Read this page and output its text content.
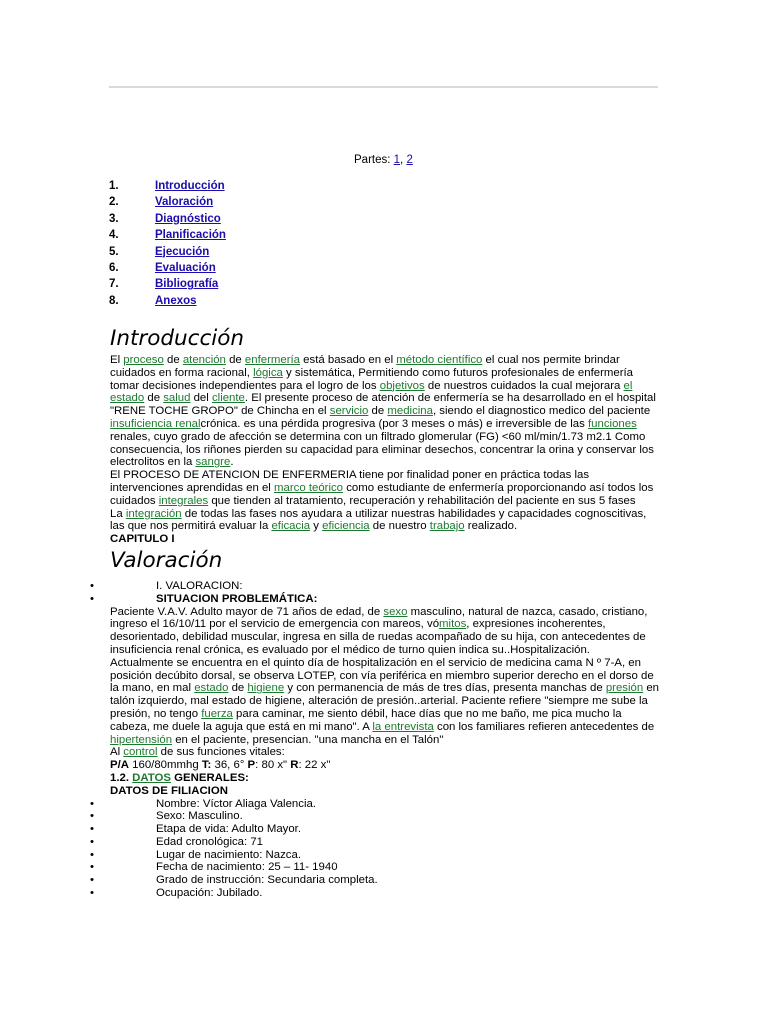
Partes: 1, 2
1.	Introducción
2.	Valoración
3.	Diagnóstico
4.	Planificación
5.	Ejecución
6.	Evaluación
7.	Bibliografía
8.	Anexos
Introducción

El proceso de atención de enfermería está basado en el método científico el cual nos permite brindar cuidados en forma racional, lógica y sistemática, Permitiendo como futuros profesionales de enfermería tomar decisiones independientes para el logro de los objetivos de nuestros cuidados la cual mejorara el estado de salud del cliente. El presente proceso de atención de enfermería se ha desarrollado en el hospital "RENE TOCHE GROPO" de Chincha en el servicio de medicina, siendo el diagnostico medico del paciente insuficiencia renalcrónica. es una pérdida progresiva (por 3 meses o más) e irreversible de las funciones renales, cuyo grado de afección se determina con un filtrado glomerular (FG) <60 ml/min/1.73 m2.1 Como consecuencia, los riñones pierden su capacidad para eliminar desechos, concentrar la orina y conservar los electrolitos en la sangre.

El PROCESO DE ATENCION DE ENFERMERIA tiene por finalidad poner en práctica todas las intervenciones aprendidas en el marco teórico como estudiante de enfermería proporcionando así todos los cuidados integrales que tienden al tratamiento, recuperación y rehabilitación del paciente en sus 5 fases

La integración de todas las fases nos ayudara a utilizar nuestras habilidades y capacidades cognoscitivas, las que nos permitirá evaluar la eficacia y eficiencia de nuestro trabajo realizado.

CAPITULO I

Valoración
•	I. VALORACION:
•	SITUACION PROBLEMÁTICA:

Paciente V.A.V. Adulto mayor de 71 años de edad, de sexo masculino, natural de nazca, casado, cristiano, ingreso el 16/10/11 por el servicio de emergencia con mareos, vómitos, expresiones incoherentes, desorientado, debilidad muscular, ingresa en silla de ruedas acompañado de su hija, con antecedentes de insuficiencia renal crónica, es evaluado por el médico de turno quien indica su..Hospitalización.

Actualmente se encuentra en el quinto día de hospitalización en el servicio de medicina cama N º 7-A, en posición decúbito dorsal, se observa LOTEP, con vía periférica en miembro superior derecho en el dorso de la mano, en mal estado de higiene y con permanencia de más de tres días, presenta manchas de presión en talón izquierdo, mal estado de higiene, alteración de presión..arterial. Paciente refiere "siempre me sube la presión, no tengo fuerza para caminar, me siento débil, hace días que no me baño, me pica mucho la cabeza, me duele la aguja que está en mi mano". A la entrevista con los familiares refieren antecedentes de hipertensión en el paciente, presencian. "una mancha en el Talón"

Al control de sus funciones vitales:

P/A 160/80mmhg T: 36, 6° P: 80 x" R: 22 x"

1.2. DATOS GENERALES:

DATOS DE FILIACION

•	Nombre: Víctor Aliaga Valencia.
•	Sexo: Masculino.
•	Etapa de vida: Adulto Mayor.
•	Edad cronológica: 71
•	Lugar de nacimiento: Nazca.
•	Fecha de nacimiento: 25 – 11- 1940
•	Grado de instrucción: Secundaria completa.
•	Ocupación: Jubilado.
